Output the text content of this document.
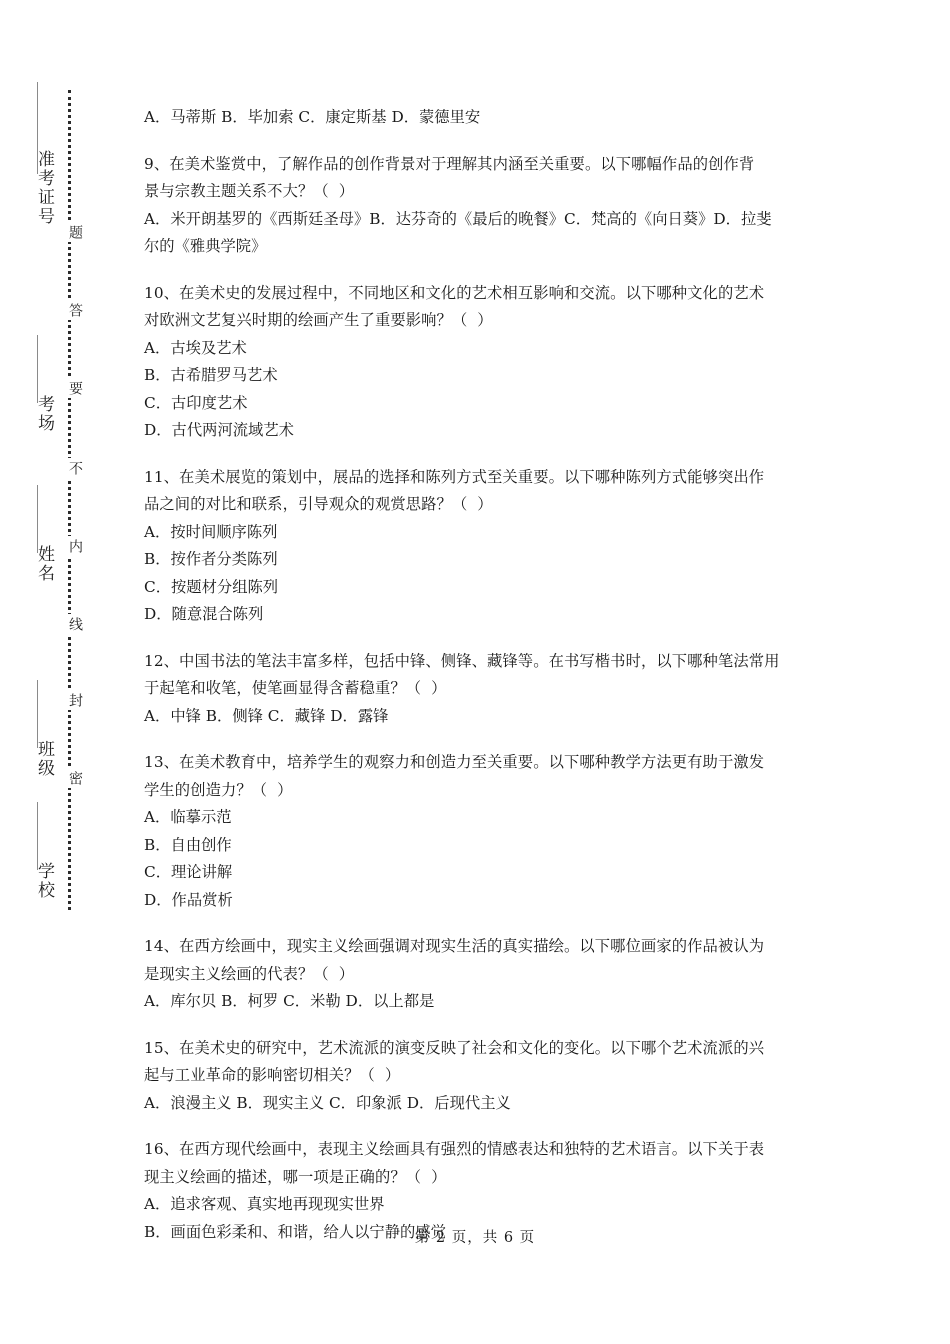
题
答
要
不
内
线
封
密
准考证号
考场
姓名
班级
学校
A．马蒂斯 B．毕加索 C．康定斯基 D．蒙德里安
9、在美术鉴赏中，了解作品的创作背景对于理解其内涵至关重要。以下哪幅作品的创作背
景与宗教主题关系不大？（  ）
A．米开朗基罗的《西斯廷圣母》B．达芬奇的《最后的晚餐》C．梵高的《向日葵》D．拉斐
尔的《雅典学院》
10、在美术史的发展过程中，不同地区和文化的艺术相互影响和交流。以下哪种文化的艺术
对欧洲文艺复兴时期的绘画产生了重要影响？（  ）
A．古埃及艺术
B．古希腊罗马艺术
C．古印度艺术
D．古代两河流域艺术
11、在美术展览的策划中，展品的选择和陈列方式至关重要。以下哪种陈列方式能够突出作
品之间的对比和联系，引导观众的观赏思路？（  ）
A．按时间顺序陈列
B．按作者分类陈列
C．按题材分组陈列
D．随意混合陈列
12、中国书法的笔法丰富多样，包括中锋、侧锋、藏锋等。在书写楷书时，以下哪种笔法常用
于起笔和收笔，使笔画显得含蓄稳重？（  ）
A．中锋 B．侧锋 C．藏锋 D．露锋
13、在美术教育中，培养学生的观察力和创造力至关重要。以下哪种教学方法更有助于激发
学生的创造力？（  ）
A．临摹示范
B．自由创作
C．理论讲解
D．作品赏析
14、在西方绘画中，现实主义绘画强调对现实生活的真实描绘。以下哪位画家的作品被认为
是现实主义绘画的代表？（  ）
A．库尔贝 B．柯罗 C．米勒 D．以上都是
15、在美术史的研究中，艺术流派的演变反映了社会和文化的变化。以下哪个艺术流派的兴
起与工业革命的影响密切相关？（  ）
A．浪漫主义 B．现实主义 C．印象派 D．后现代主义
16、在西方现代绘画中，表现主义绘画具有强烈的情感表达和独特的艺术语言。以下关于表
现主义绘画的描述，哪一项是正确的？（  ）
A．追求客观、真实地再现现实世界
B．画面色彩柔和、和谐，给人以宁静的感觉
第 2 页，共 6 页
